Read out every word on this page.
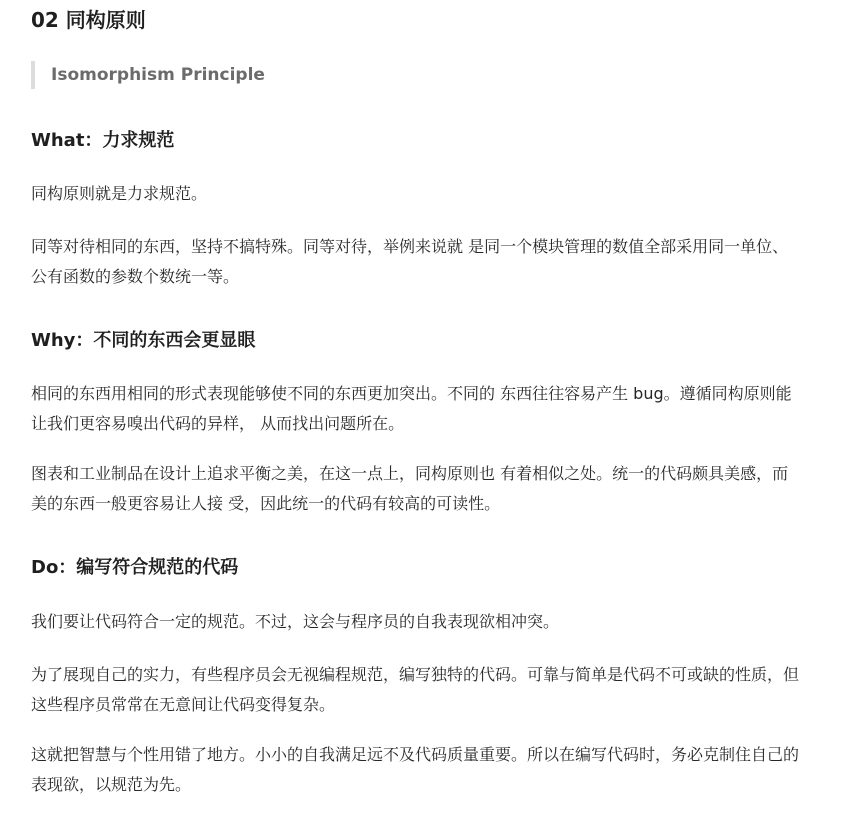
02 同构原则
Isomorphism Principle
What：力求规范

同构原则就是力求规范。

同等对待相同的东西，坚持不搞特殊。同等对待，举例来说就 是同一个模块管理的数值全部采用同一单位、公有函数的参数个数统一等。

Why：不同的东西会更显眼

相同的东西用相同的形式表现能够使不同的东西更加突出。不同的 东西往往容易产生 bug。遵循同构原则能让我们更容易嗅出代码的异样， 从而找出问题所在。

图表和工业制品在设计上追求平衡之美，在这一点上，同构原则也 有着相似之处。统一的代码颇具美感，而美的东西一般更容易让人接 受，因此统一的代码有较高的可读性。

Do：编写符合规范的代码

我们要让代码符合一定的规范。不过，这会与程序员的自我表现欲相冲突。

为了展现自己的实力，有些程序员会无视编程规范，编写独特的代码。可靠与简单是代码不可或缺的性质，但这些程序员常常在无意间让代码变得复杂。

这就把智慧与个性用错了地方。小小的自我满足远不及代码质量重要。所以在编写代码时，务必克制住自己的表现欲，以规范为先。
